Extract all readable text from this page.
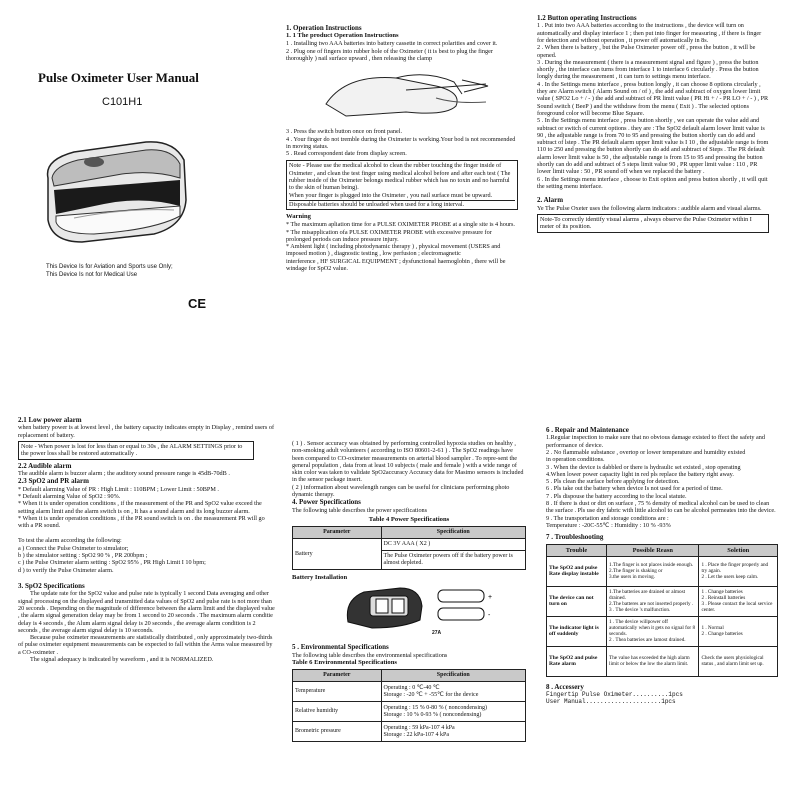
Pulse Oximeter User Manual
C101H1
This Device Is for Aviation and Sports use Only;
This Device Is not for Medical Use
CE
1. Operation Instructions
1. 1 The product Operation Instructions

1 . Installing two AAA batteries into battery cassette in correct polarities and cover it.

2 . Plug one of fingers into rubber hole of the Oximeter ( it is best to plug the finger thoroughly ) nail surface upward , then releasing the clamp

3 . Press the switch button once on front panel.

4 . Your finger do not tremble during the Oximeter is working.Your bod is not recommended in moving status.

5 . Read correspondent date from display screen.

Note - Please use the medical alcohol to clean the rubber touching the finger inside of Oximeter , and clean the test finger using medical alcohol before and after each test ( The rubber inside of the Oximeter belongs medical rubber which has no toxin and no harmful to the skin of human being).

When your finger is plugged into the Oximeter , you nail surface must be upward.

Disposable batteries should be unloaded when used for a long interval.

Warning

* The maximum apliation time for a PULSE OXIMETER PROBE at a single site is 4 hours.

* The misapplication ofa PULSE OXIMETER PROBE with excessive pressure for prolonged periods can induce pressure injury.

* Ambient light ( including photodynamic therapy ) , physical movement (USERS and imposed motion ) , diagnostic testing , low perfusion ; electromagnetic

interference , HF SURGICAL EQUIPMENT ; dysfunctional haemoglobin , there will be windage for SpO2 value.

1.2 Button operating Instructions

1 . Put into two AAA batteries according to the instructions , the device will turn on automatically and display interface 1 ; then put into finger for measuring , if there is finger for detection and without operation , it power off automatically in 8s.

2 . When there is battery , but the Pulse Oximeter power off , press the button , it will be opened.

3 . During the measurement ( there is a measurement signal and figure ) , press the button shortly , the interface can turns from interface 1 to interface 6 circularly . Press the button longly during the measurement , it can turn to settings menu interface.

4 . In the Settings menu interface , press button longly , it can choose 8 options circularly , they are Alarm switch ( Alarm Sound on / of ) , the add and subtract of oxygen lower limit value ( SPO2 Lo + / - ) the add and subtract of PR limit value ( PR Hi + / - PR LO + / - ) , PR Sound switch ( BeeP ) and the withdraw from the menu ( Exit ) . The selected options foreground color will become Blue Square.

5 . In the Settings menu interface , press button shortly , we can operate the value add and subtract or switch of current options . they are : The SpO2 default alarm lower limit value is 90 , the adjustable range is from 70 to 95 and pressing the button shortly can do add and subtract of lstep . The PR default alarm upper limit value is I 10 , the adjustable range is from 110 to 250 and pressing the button shortly can do add and subtract of Steps . The PR default alarm lower limit value is 50 , the adjustable range is from 15 to 95 and pressing the button shortly can do add and subtract of 5 steps limit value 90 , PR upper limit value : 110 , PR lower limit value : 50 , PR sound off when we replaced the battery .

6 . In the Settings menu interface , choose to Exit option and press button shortly , it will quit the setting menu interface.

2. Alarm

Ye The Pulse Oxeter uses the following alarm indicators : audible alarm and visual alarms.

Note-To correctly identify visual alarms , always observe the Pulse Oximeter within I meter of its position.
2.1 Low power alarm

when battery power is at lowest level , the battery capacity indicates empty in Display , remind users of replacement of battery.

Note - When power is lost for less than or equal to 30s , the ALARM SETTINGS prior to the power loss shall be restored automatically .
2.2 Audible alarm

The audible alarm is buzzer alarm ; the auditory sound pressure range is 45dB-70dB .

2.3 SpO2 and PR alarm

* Default alarming Value of PR : High Limit : 110BPM ; Lower Limit : 50BPM .

* Default alarming Value of SpO2 : 90%.

* When it is under operation conditions , if the measurement of the PR and SpO2 value exceed the setting alarm limit and the alarm switch is on , It has a sound alarm and its long buzzer alarm.

* When it is under operation conditions , if the PR sound switch is on . the measurement PR will go with a PR sound.

To test the alarm according the following:

a ) Connect the Pulse Oximeter to simulator;

b ) the simulator setting : SpO2 90 % , PR 200bpm ;

c ) the Pulse Oximeter alarm setting : SpO2 95% , PR High Limit I 10 bpm;

d ) to verify the Pulse Oximeter alarm.

3. SpO2 Specifications

The update rate for the SpO2 value and pulse rate is typically 1 second Data averaging and other signal processing on the displayed and transmitted data values of SpO2 and pulse rate is not more than 20 seconds . Depending on the magnitude of difference between the alarm limit and the displayed value , the alarm signal generation delay may be from 1 second to 20 seconds . The maximum alarm conditie delay is 4 seconds , the Alum alarm signal delay is 20 seconds , the average alarm condition is 2 seconds , the average alarm signal delay is 10 seconds.

Because pulse oximeter measurements are statistically distributed , only approximately two-thirds of pulse oximeter equipment measurements can be expected to fall within the Arms value measured by a CO-oximeter .

The signal adequacy is indicated by waveform , and it is NORMALIZED.

( 1 ) . Sensor accuracy was obtained by performing controlled hypoxia studies on healthy , non-smoking adult volunteers ( according to ISO 80601-2-61 ) . The SpO2 readings have been compared to CO-oximeter measurements on arterial blood sampler . To repre-sent the general population , data from at least 10 subjects ( male and female ) with a wide range of skin color was taken to validate SpO2accuracy Accuracy data for Masimo sensors is included in the sensor package insert.

( 2 ) information about wavelength ranges can be useful for clinicians performing photo dynamic therapy.

4. Power Specifications

The following table describes the power specifications

Table 4 Power Specifications
Parameter	Specification
Battery	DC 3V AAA ( X2 )
	The Pulse Oximeter powers off if the battery power is almost depleted.
Battery Installation
+
-
27A
5 . Environmental Specifications

The following table describes the environmental specifications

Table 6 Environmental Specifications
Parameter	Specification
Temperature	Operating : 0 ℃-40 ℃
Storage : -20 ℃ + -55℃ for the device

Relative humidity	Operating : 15 % 0-80 % ( noncondensing)
Storage : 10 % 0-93 % ( noncondensing)

Brometric pressure	Operating : 59 kPa-107 4 kPa
Storage : 22 kPa-107 4 kPa
6 . Repair and Maintenance

1.Regular inspection to make sure that no obvious damage existed to ffect the safety and performance of device.

2 . No flammable substance , overtop or lower temperature and humidity existed

in operation conditions.

3 . When the device is dabbled or there is hydraulic set existed , stop operating

4.When lower power capacity light in red pls replace the battery right away.

5 . Pls clean the surface before applying for detection.

6 . Pls take out the battery when device Is not used for a period of time.

7 . Pls dispouse the battery according to the local statute.

8 . If there is dust or dirt on surface , 75 % density of medical alcohol can be used to clean the surface . Pls use dry fabric with little alcohol to can be alcohol permeates into the device.

9 . The transportation and storage conditions are :

Temperature : -20C-55℃ : Humidity : 10 % -93%

7 . Troubleshooting
Trouble	Possible Reasn	Soletion
The SpO2 and pulse Rate display instable	1.The finger is not places inside enough.
2.The finger is shaking or
3.the users in moving.	1 . Place the finger properly and try again.
2 . Let the users keep calm.
The device can not turn on	1.The batteries are drained or almost drained.
2.The batteres are not inserted properly .
3 . The device 's malfunction.	1 . Change batteries
2 . Reinstall batteries
3 . Please contact the local service center.
The indicator light is off suddenly	1 . The device willpower off automatically when it gets no signal for 8 seconds.
2 . Thea batteries are lamost drained.	1 . Normal
2 . Change batteries
The SpO2 and pulse Rate alarm	The value has exceeded the high alarm limit or below the low the alarm limit.	Check the users physiological status , and alarm limit set up.
8 . Accessery
Fingertip Pulse Oximeter..........1pcs
User Manual.....................1pcs
